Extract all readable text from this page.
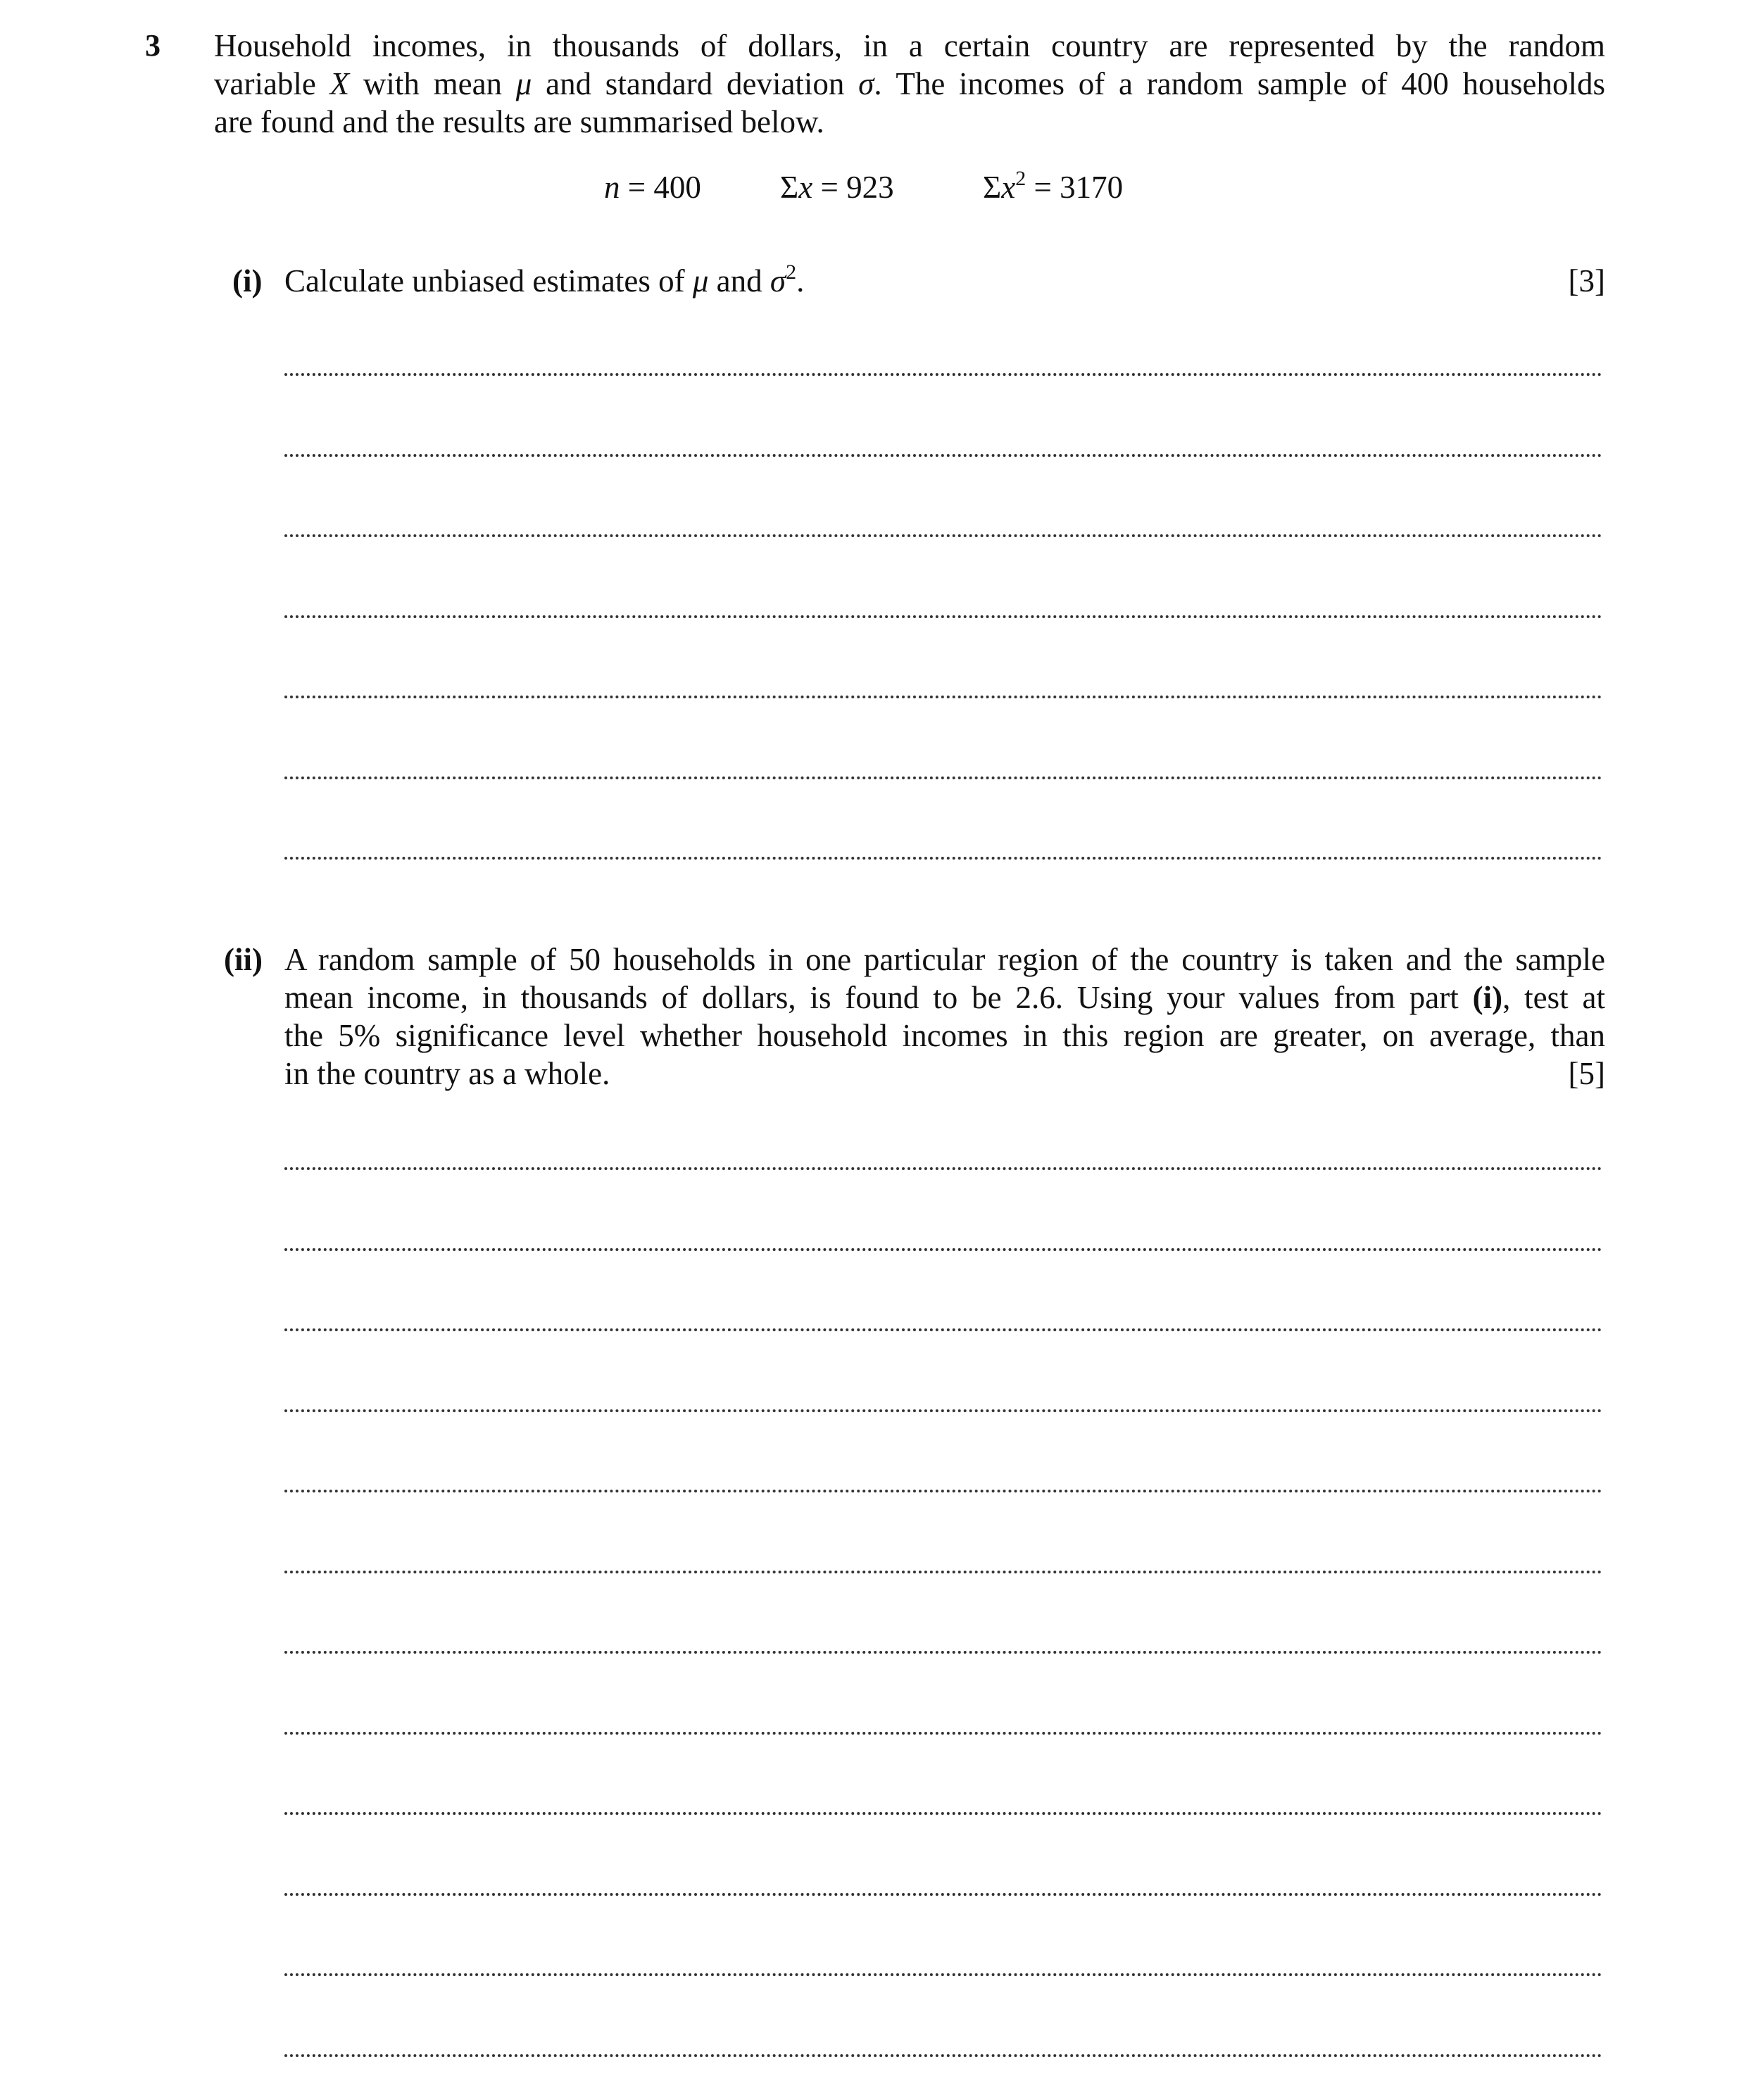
3 Household incomes, in thousands of dollars, in a certain country are represented by the random
variable X with mean μ and standard deviation σ. The incomes of a random sample of 400 households
are found and the results are summarised below.
n = 400 Σx = 923	$\Sigma x^2 = 3170$
(i) Calculate unbiased estimates of μ and $\sigma^2$.	[3]
(ii) A random sample of 50 households in one particular region of the country is taken and the sample
mean income, in thousands of dollars, is found to be 2.6. Using your values from part (i), test at
the 5% significance level whether household incomes in this region are greater, on average, than
in the country as a whole.	[5]
